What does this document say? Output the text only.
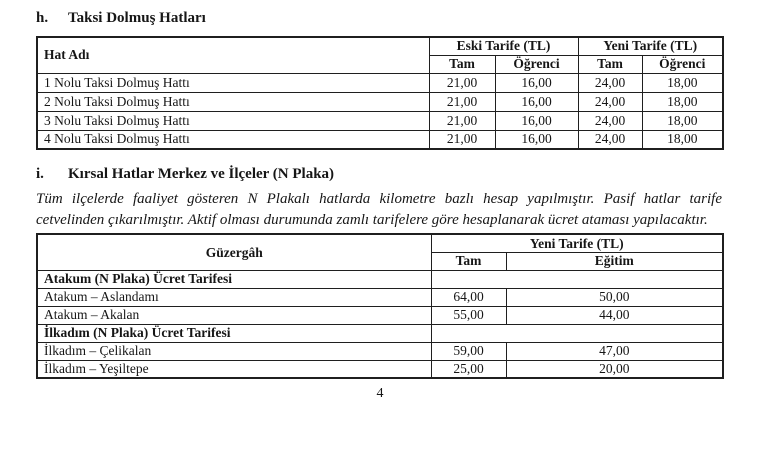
h.	Taksi Dolmuş Hatları
Hat Adı	Eski Tarife (TL)		Yeni Tarife (TL)	
	Tam	Öğrenci	Tam	Öğrenci
1 Nolu Taksi Dolmuş Hattı	21,00	16,00	24,00	18,00
2 Nolu Taksi Dolmuş Hattı	21,00	16,00	24,00	18,00
3 Nolu Taksi Dolmuş Hattı	21,00	16,00	24,00	18,00
4 Nolu Taksi Dolmuş Hattı	21,00	16,00	24,00	18,00
i.	Kırsal Hatlar Merkez ve İlçeler (N Plaka)

Tüm ilçelerde faaliyet gösteren N Plakalı hatlarda kilometre bazlı hesap yapılmıştır. Pasif hatlar tarife cetvelinden çıkarılmıştır. Aktif olması durumunda zamlı tarifelere göre hesaplanarak ücret ataması yapılacaktır.

Güzergâh	Yeni Tarife (TL)	
	Tam	Eğitim
Atakum (N Plaka) Ücret Tarifesi		
Atakum – Aslandamı	64,00	50,00
Atakum – Akalan	55,00	44,00
İlkadım (N Plaka) Ücret Tarifesi		
İlkadım – Çelikalan	59,00	47,00
İlkadım – Yeşiltepe	25,00	20,00
4
